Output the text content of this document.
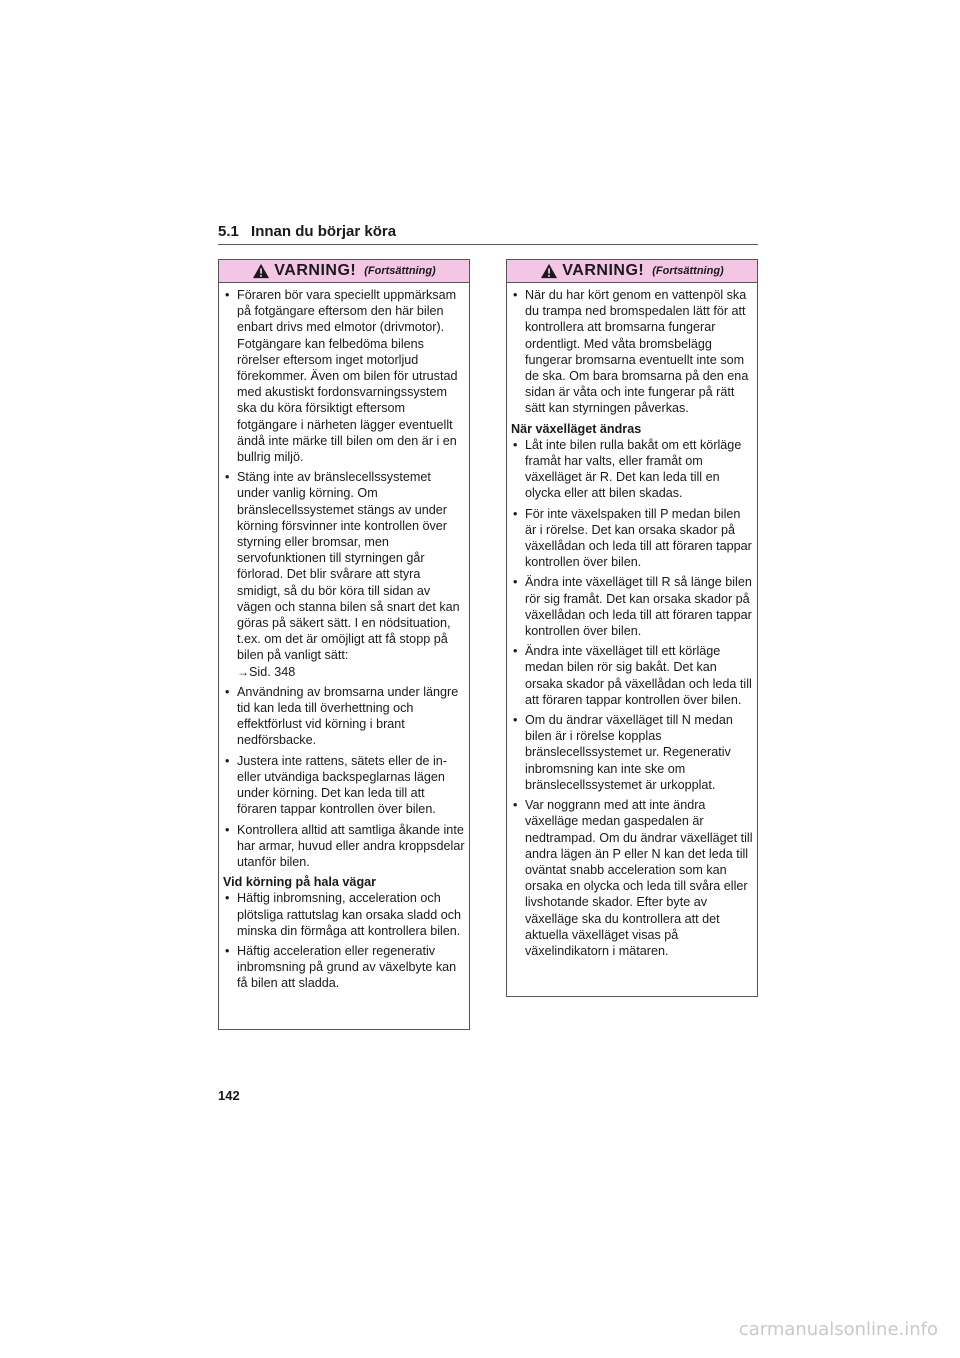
5.1 Innan du börjar köra
VARNING! (Fortsättning)
• Föraren bör vara speciellt uppmärksam på fotgängare eftersom den här bilen enbart drivs med elmotor (drivmotor). Fotgängare kan felbedöma bilens rörelser eftersom inget motorljud förekommer. Även om bilen för utrustad med akustiskt fordonsvarningssystem ska du köra försiktigt eftersom fotgängare i närheten lägger eventuellt ändå inte märke till bilen om den är i en bullrig miljö.
• Stäng inte av bränslecellssystemet under vanlig körning. Om bränslecellssystemet stängs av under körning försvinner inte kontrollen över styrning eller bromsar, men servofunktionen till styrningen går förlorad. Det blir svårare att styra smidigt, så du bör köra till sidan av vägen och stanna bilen så snart det kan göras på säkert sätt. I en nödsituation, t.ex. om det är omöjligt att få stopp på bilen på vanligt sätt:
→Sid. 348
• Användning av bromsarna under längre tid kan leda till överhettning och effektförlust vid körning i brant nedförsbacke.
• Justera inte rattens, sätets eller de in- eller utvändiga backspeglarnas lägen under körning. Det kan leda till att föraren tappar kontrollen över bilen.
• Kontrollera alltid att samtliga åkande inte har armar, huvud eller andra kroppsdelar utanför bilen.

Vid körning på hala vägar

• Häftig inbromsning, acceleration och plötsliga rattutslag kan orsaka sladd och minska din förmåga att kontrollera bilen.
• Häftig acceleration eller regenerativ inbromsning på grund av växelbyte kan få bilen att sladda.
VARNING! (Fortsättning)
• När du har kört genom en vattenpöl ska du trampa ned bromspedalen lätt för att kontrollera att bromsarna fungerar ordentligt. Med våta bromsbelägg fungerar bromsarna eventuellt inte som de ska. Om bara bromsarna på den ena sidan är våta och inte fungerar på rätt sätt kan styrningen påverkas.

När växelläget ändras

• Låt inte bilen rulla bakåt om ett körläge framåt har valts, eller framåt om växelläget är R. Det kan leda till en olycka eller att bilen skadas.
• För inte växelspaken till P medan bilen är i rörelse. Det kan orsaka skador på växellådan och leda till att föraren tappar kontrollen över bilen.
• Ändra inte växelläget till R så länge bilen rör sig framåt. Det kan orsaka skador på växellådan och leda till att föraren tappar kontrollen över bilen.
• Ändra inte växelläget till ett körläge medan bilen rör sig bakåt. Det kan orsaka skador på växellådan och leda till att föraren tappar kontrollen över bilen.
• Om du ändrar växelläget till N medan bilen är i rörelse kopplas bränslecellssystemet ur. Regenerativ inbromsning kan inte ske om bränslecellssystemet är urkopplat.
• Var noggrann med att inte ändra växelläge medan gaspedalen är nedtrampad. Om du ändrar växelläget till andra lägen än P eller N kan det leda till oväntat snabb acceleration som kan orsaka en olycka och leda till svåra eller livshotande skador. Efter byte av växelläge ska du kontrollera att det aktuella växelläget visas på växelindikatorn i mätaren.
142
carmanualsonline.info
